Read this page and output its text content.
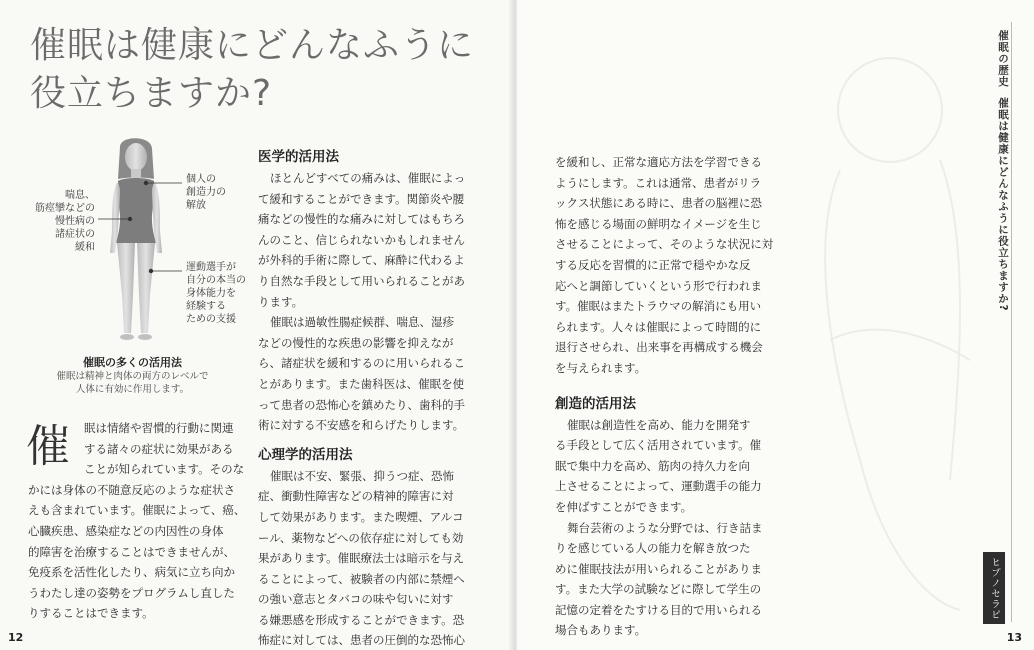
催眠は健康にどんなふうに
役立ちますか?
喘息、
筋痙攣などの
慢性病の
諸症状の
緩和
個人の
創造力の
解放
運動選手が
自分の本当の
身体能力を
経験する
ための支援
催眠の多くの活用法
催眠は精神と肉体の両方のレベルで
人体に有効に作用します。
催	眠は情緒や習慣的行動に関連
する諸々の症状に効果がある
ことが知られています。そのな
かには身体の不随意反応のような症状さ
えも含まれています。催眠によって、癌、
心臓疾患、感染症などの内因性の身体
的障害を治療することはできませんが、
免疫系を活性化したり、病気に立ち向か
うわたし達の姿勢をプログラムし直した
りすることはできます。
医学的活用法
ほとんどすべての痛みは、催眠によっ
て緩和することができます。関節炎や腰
痛などの慢性的な痛みに対してはもちろ
んのこと、信じられないかもしれません
が外科的手術に際して、麻酔に代わるよ
り自然な手段として用いられることがあ
ります。
催眠は過敏性腸症候群、喘息、湿疹
などの慢性的な疾患の影響を抑えなが
ら、諸症状を緩和するのに用いられるこ
とがあります。また歯科医は、催眠を使
って患者の恐怖心を鎮めたり、歯科的手
術に対する不安感を和らげたりします。
心理学的活用法
催眠は不安、緊張、抑うつ症、恐怖
症、衝動性障害などの精神的障害に対
して効果があります。また喫煙、アルコ
ール、薬物などへの依存症に対しても効
果があります。催眠療法士は暗示を与え
ることによって、被験者の内部に禁煙へ
の強い意志とタバコの味や匂いに対す
る嫌悪感を形成することができます。恐
怖症に対しては、患者の圧倒的な恐怖心
12
を緩和し、正常な適応方法を学習できる
ようにします。これは通常、患者がリラ
ックス状態にある時に、患者の脳裡に恐
怖を感じる場面の鮮明なイメージを生じ
させることによって、そのような状況に対
する反応を習慣的に正常で穏やかな反
応へと調節していくという形で行われま
す。催眠はまたトラウマの解消にも用い
られます。人々は催眠によって時間的に
退行させられ、出来事を再構成する機会
を与えられます。
創造的活用法
催眠は創造性を高め、能力を開発す
る手段として広く活用されています。催
眠で集中力を高め、筋肉の持久力を向
上させることによって、運動選手の能力
を伸ばすことができます。
舞台芸術のような分野では、行き詰ま
りを感じている人の能力を解き放つた
めに催眠技法が用いられることがありま
す。また大学の試験などに際して学生の
記憶の定着をたすける目的で用いられる
場合もあります。
催眠の歴史催眠は健康にどんなふうに役立ちますか?
ヒプノセラピー
13
